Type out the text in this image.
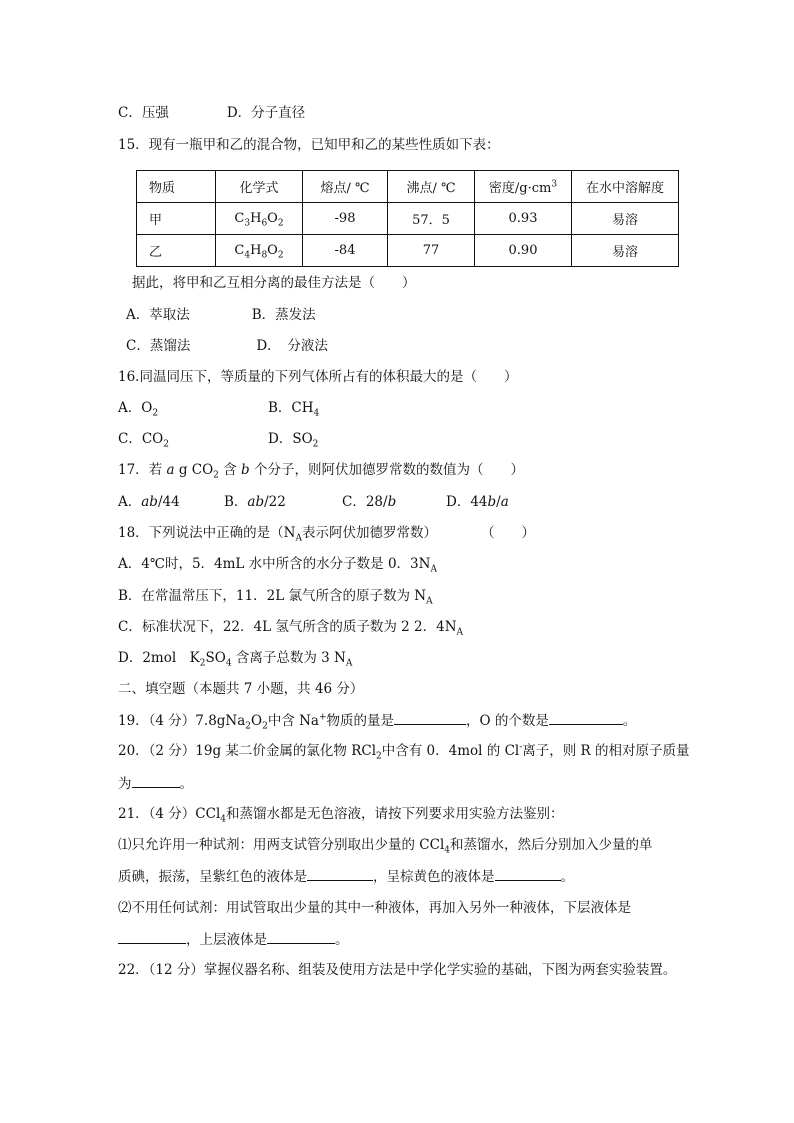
C．压强	D．分子直径
15．现有一瓶甲和乙的混合物，已知甲和乙的某些性质如下表：
物质	化学式	熔点/ ℃	沸点/ ℃	密度$/g\cdot cm^3$	在水中溶解度
甲	$C_3H_6O_2$	-98	57．5	0.93	易溶
乙	$C_4H_8O_2$	-84	77	0.90	易溶
据此，将甲和乙互相分离的最佳方法是（　　）
A．萃取法	B．蒸发法
C．蒸馏法	D．　分液法
16.同温同压下，等质量的下列气体所占有的体积最大的是（　　）
A．$O_2$	B．$CH_4$
C．$CO_2$	D．$SO_2$
17．若 a g $CO_2$ 含 b 个分子，则阿伏加德罗常数的数值为（　　）
A．ab/44	B．ab/22	C．28/b	D．44b/a
18．下列说法中正确的是（$N_A$表示阿伏加德罗常数）	（　　）
A．4℃时，5．4mL 水中所含的水分子数是 0．$3N_A$
B．在常温常压下，11．2L 氯气所含的原子数为 $N_A$
C．标准状况下，22．4L 氢气所含的质子数为 2 2．$4N_A$
D．2mol　$K_2SO_4$ 含离子总数为 3 $N_A$
二、填空题（本题共 7 小题，共 46 分）
19．（4 分）$7.8gNa_2O_2$中含 Na+物质的量是	，O 的个数是	。
20．（2 分）19g 某二价金属的氯化物 RCl$_2$中含有 0．4mol 的 Cl-离子，则 R 的相对原子质量
为	。
21．（4 分）CCl$_4$和蒸馏水都是无色溶液，请按下列要求用实验方法鉴别：
⑴只允许用一种试剂：用两支试管分别取出少量的 CCl$_4$和蒸馏水，然后分别加入少量的单
质碘，振荡，呈紫红色的液体是	，呈棕黄色的液体是	。
⑵不用任何试剂：用试管取出少量的其中一种液体，再加入另外一种液体，下层液体是
，上层液体是	。
22．（12 分）掌握仪器名称、组装及使用方法是中学化学实验的基础，下图为两套实验装置。
